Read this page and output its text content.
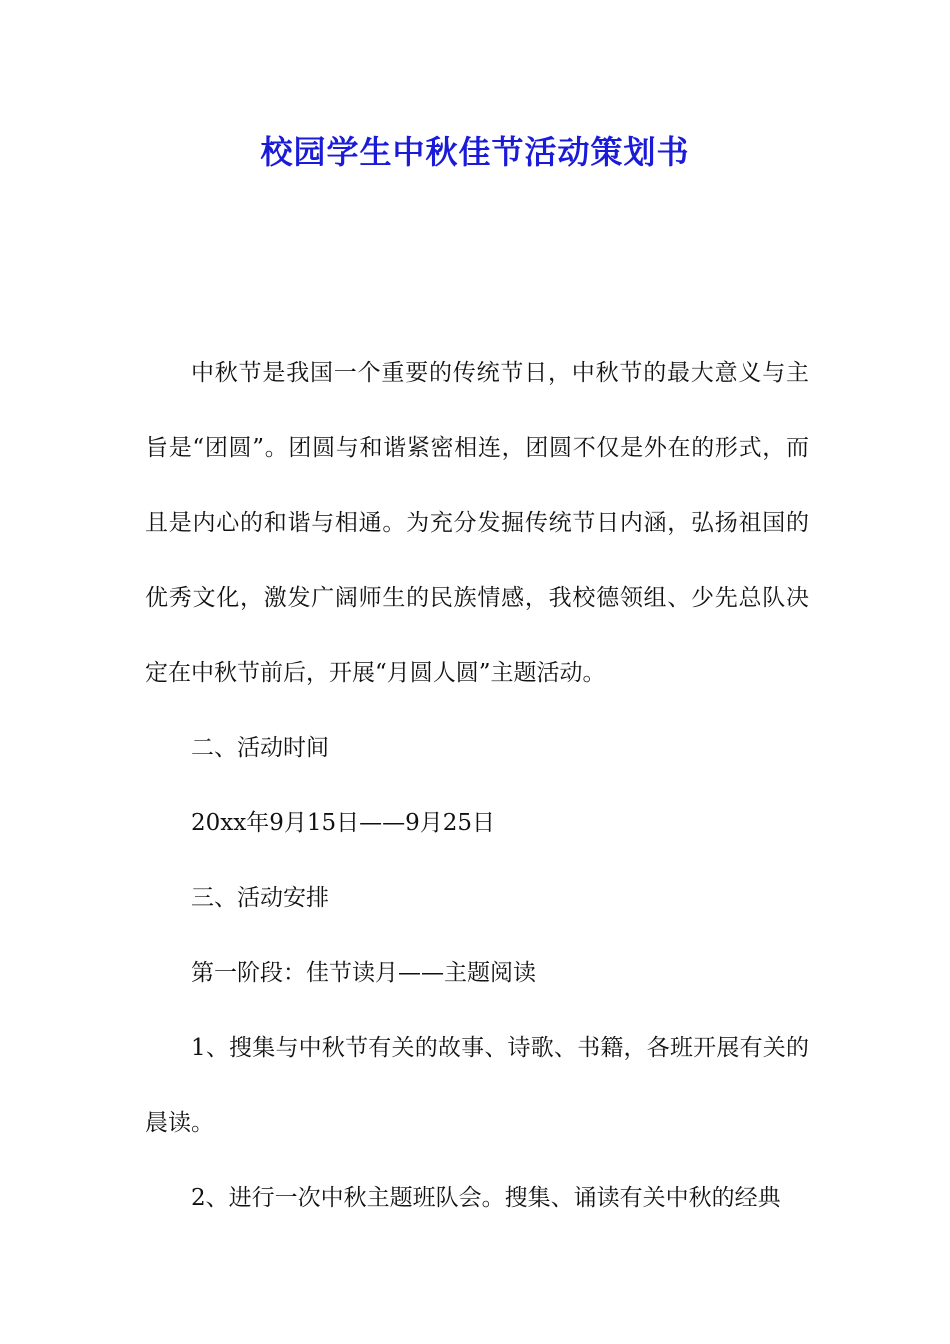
校园学生中秋佳节活动策划书

中秋节是我国一个重要的传统节日，中秋节的最大意义与主旨是“团圆”。团圆与和谐紧密相连，团圆不仅是外在的形式，而且是内心的和谐与相通。为充分发掘传统节日内涵，弘扬祖国的优秀文化，激发广阔师生的民族情感，我校德领组、少先总队决定在中秋节前后，开展“月圆人圆”主题活动。

二、活动时间

20xx年9月15日——9月25日

三、活动安排

第一阶段：佳节读月——主题阅读

1、搜集与中秋节有关的故事、诗歌、书籍，各班开展有关的晨读。

2、进行一次中秋主题班队会。搜集、诵读有关中秋的经典
